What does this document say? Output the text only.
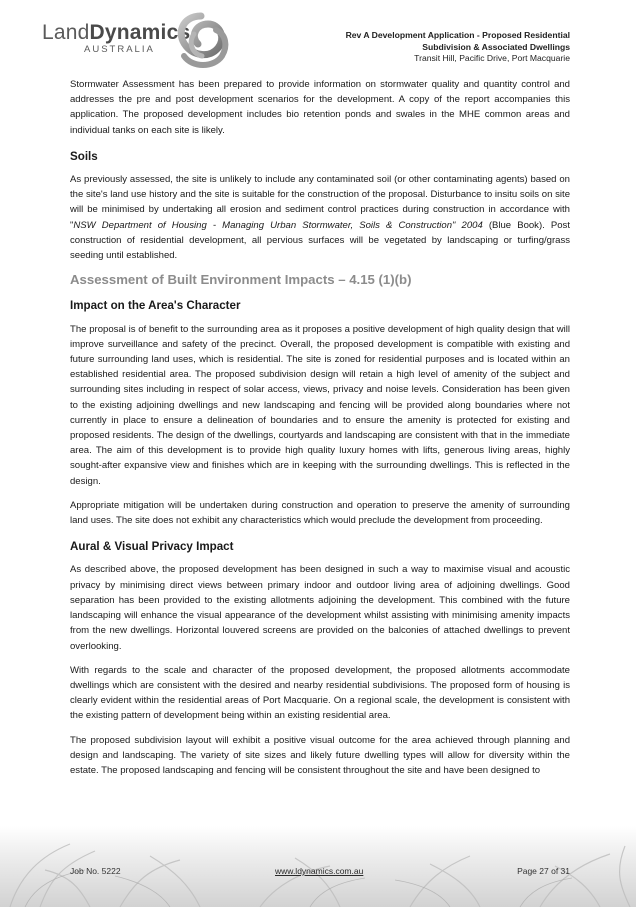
LandDynamics
AUSTRALIA
Rev A Development Application - Proposed Residential
Subdivision & Associated Dwellings
Transit Hill, Pacific Drive, Port Macquarie

Stormwater Assessment has been prepared to provide information on stormwater quality and quantity control and addresses the pre and post development scenarios for the development. A copy of the report accompanies this application. The proposed development includes bio retention ponds and swales in the MHE common areas and individual tanks on each site is likely.

Soils

As previously assessed, the site is unlikely to include any contaminated soil (or other contaminating agents) based on the site's land use history and the site is suitable for the construction of the proposal. Disturbance to insitu soils on site will be minimised by undertaking all erosion and sediment control practices during construction in accordance with "NSW Department of Housing - Managing Urban Stormwater, Soils & Construction" 2004 (Blue Book). Post construction of residential development, all pervious surfaces will be vegetated by landscaping or turfing/grass seeding until established.

Assessment of Built Environment Impacts – 4.15 (1)(b)
Impact on the Area's Character

The proposal is of benefit to the surrounding area as it proposes a positive development of high quality design that will improve surveillance and safety of the precinct. Overall, the proposed development is compatible with existing and future surrounding land uses, which is residential. The site is zoned for residential purposes and is located within an established residential area. The proposed subdivision design will retain a high level of amenity of the subject and surrounding sites including in respect of solar access, views, privacy and noise levels. Consideration has been given to the existing adjoining dwellings and new landscaping and fencing will be provided along boundaries where not currently in place to ensure a delineation of boundaries and to ensure the amenity is protected for existing and proposed residents. The design of the dwellings, courtyards and landscaping are consistent with that in the immediate area. The aim of this development is to provide high quality luxury homes with lifts, generous living areas, highly sought-after expansive view and finishes which are in keeping with the surrounding dwellings. This is reflected in the design.

Appropriate mitigation will be undertaken during construction and operation to preserve the amenity of surrounding land uses. The site does not exhibit any characteristics which would preclude the development from proceeding.

Aural & Visual Privacy Impact

As described above, the proposed development has been designed in such a way to maximise visual and acoustic privacy by minimising direct views between primary indoor and outdoor living area of adjoining dwellings. Good separation has been provided to the existing allotments adjoining the development. This combined with the future landscaping will enhance the visual appearance of the development whilst assisting with minimising amenity impacts from the new dwellings. Horizontal louvered screens are provided on the balconies of attached dwellings to prevent overlooking.

With regards to the scale and character of the proposed development, the proposed allotments accommodate dwellings which are consistent with the desired and nearby residential subdivisions. The proposed form of housing is clearly evident within the residential areas of Port Macquarie. On a regional scale, the development is consistent with the existing pattern of development being within an existing residential area.

The proposed subdivision layout will exhibit a positive visual outcome for the area achieved through planning and design and landscaping. The variety of site sizes and likely future dwelling types will allow for diversity within the estate. The proposed landscaping and fencing will be consistent throughout the site and have been designed to

Job No. 5222	www.ldynamics.com.au	Page 27 of 31
